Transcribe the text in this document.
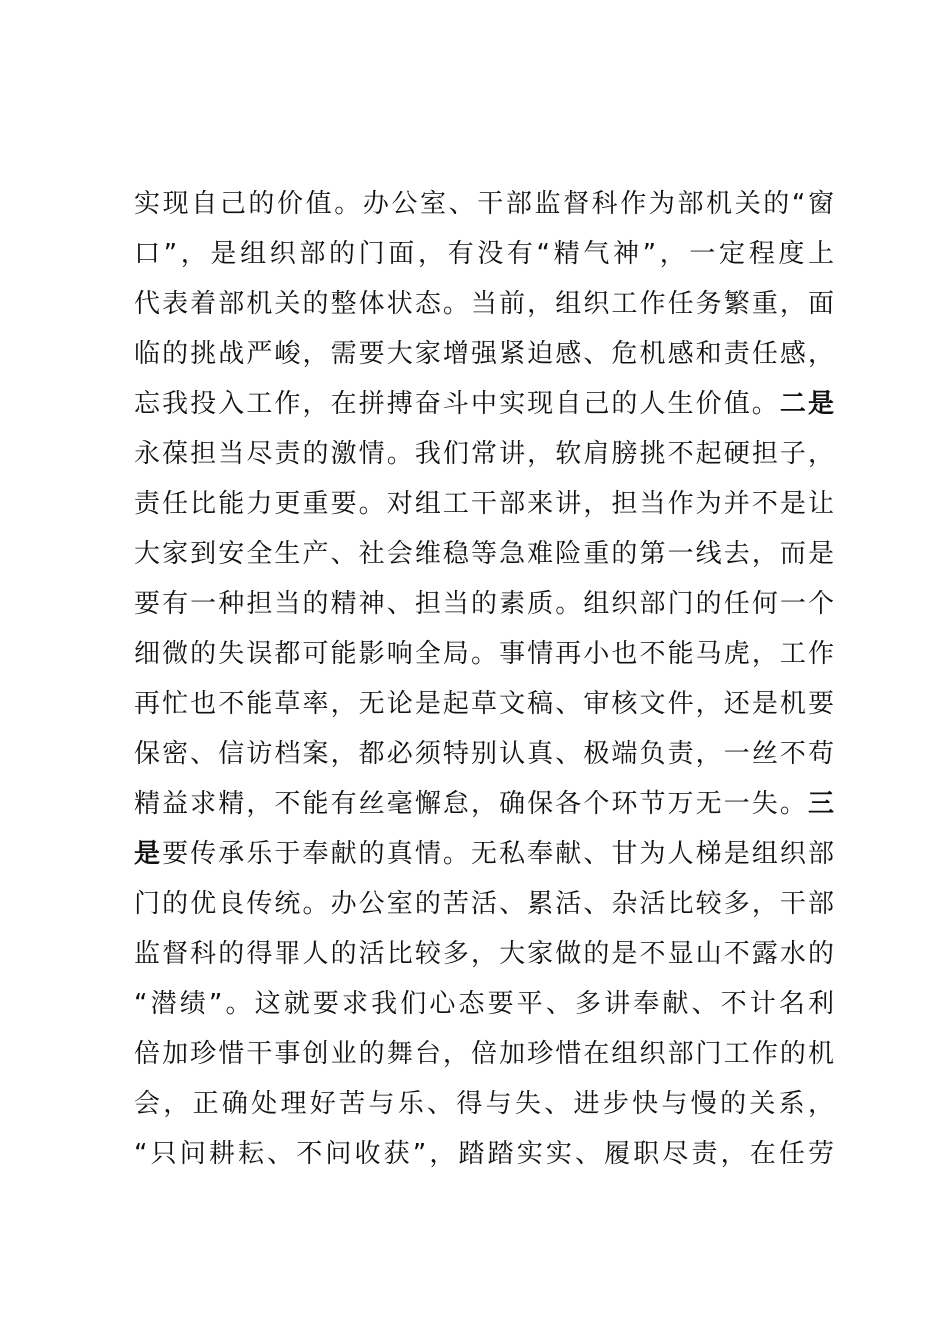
实现自己的价值。办公室、干部监督科作为部机关的“窗
口”，是组织部的门面，有没有“精气神”，一定程度上
代表着部机关的整体状态。当前，组织工作任务繁重，面
临的挑战严峻，需要大家增强紧迫感、危机感和责任感，
忘我投入工作，在拼搏奋斗中实现自己的人生价值。二是
永葆担当尽责的激情。我们常讲，软肩膀挑不起硬担子，
责任比能力更重要。对组工干部来讲，担当作为并不是让
大家到安全生产、社会维稳等急难险重的第一线去，而是
要有一种担当的精神、担当的素质。组织部门的任何一个
细微的失误都可能影响全局。事情再小也不能马虎，工作
再忙也不能草率，无论是起草文稿、审核文件，还是机要
保密、信访档案，都必须特别认真、极端负责，一丝不苟
精益求精，不能有丝毫懈怠，确保各个环节万无一失。三
是要传承乐于奉献的真情。无私奉献、甘为人梯是组织部
门的优良传统。办公室的苦活、累活、杂活比较多，干部
监督科的得罪人的活比较多，大家做的是不显山不露水的
“潜绩”。这就要求我们心态要平、多讲奉献、不计名利
倍加珍惜干事创业的舞台，倍加珍惜在组织部门工作的机
会，正确处理好苦与乐、得与失、进步快与慢的关系，
“只问耕耘、不问收获”，踏踏实实、履职尽责，在任劳
